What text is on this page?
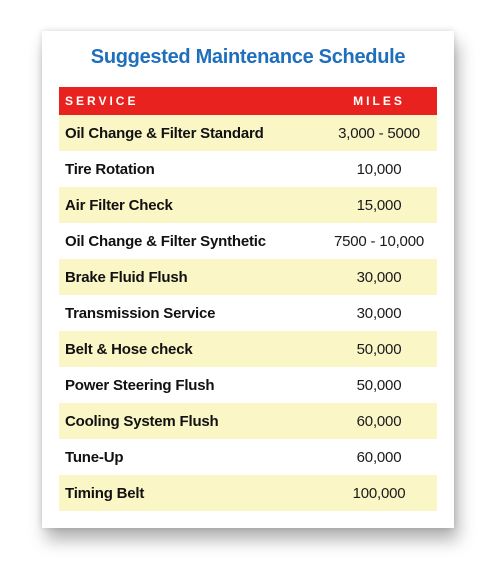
Suggested Maintenance Schedule
SERVICE	MILES
Oil Change & Filter Standard	3,000 - 5000
Tire Rotation	10,000
Air Filter Check	15,000
Oil Change & Filter Synthetic	7500 - 10,000
Brake Fluid Flush	30,000
Transmission Service	30,000
Belt & Hose check	50,000
Power Steering Flush	50,000
Cooling System Flush	60,000
Tune-Up	60,000
Timing Belt	100,000
